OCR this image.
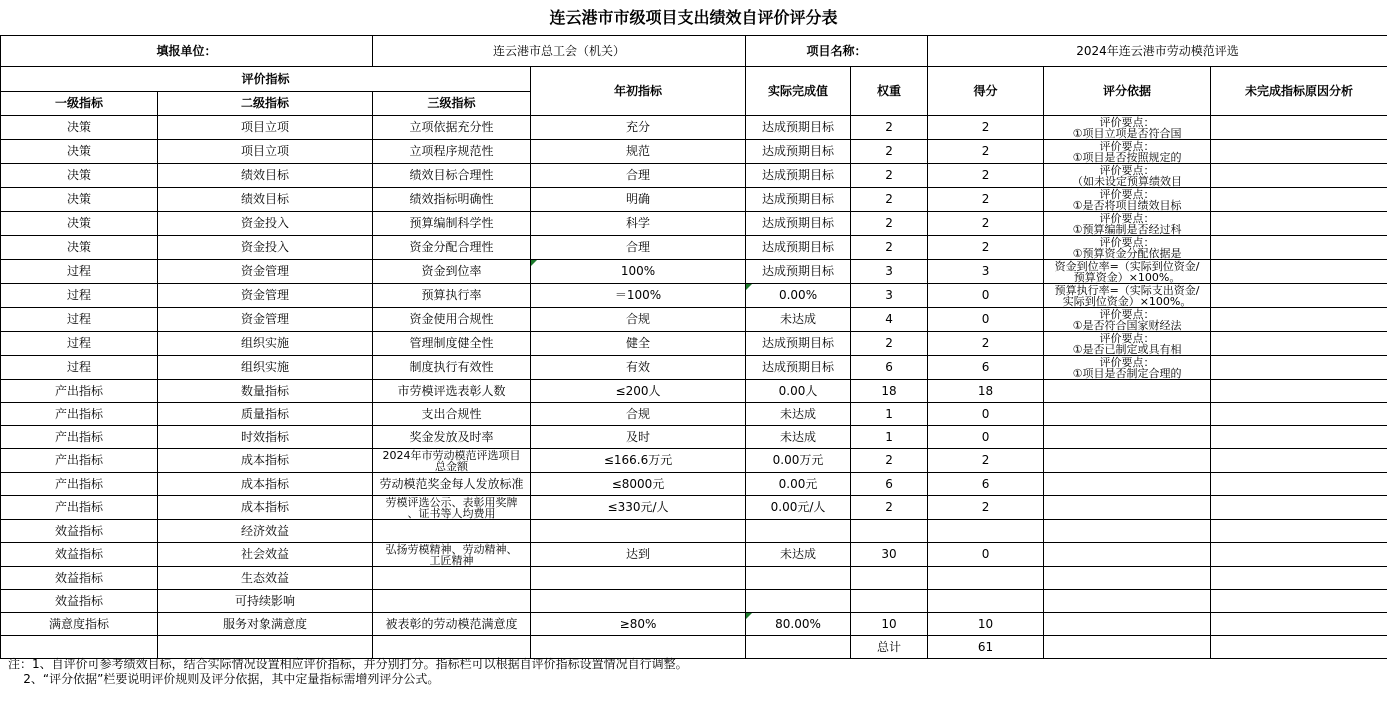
连云港市市级项目支出绩效自评价评分表
填报单位：		连云港市总工会（机关）		项目名称：		2024年连云港市劳动模范评选		
评价指标			年初指标	实际完成值	权重	得分	评分依据	未完成指标原因分析
一级指标	二级指标	三级指标						
决策	项目立项	立项依据充分性	充分	达成预期目标	2	2	评价要点：
①项目立项是否符合国	

决策	项目立项	立项程序规范性	规范	达成预期目标	2	2	评价要点：
①项目是否按照规定的	

决策	绩效目标	绩效目标合理性	合理	达成预期目标	2	2	评价要点：
（如未设定预算绩效目	

决策	绩效目标	绩效指标明确性	明确	达成预期目标	2	2	评价要点：
①是否将项目绩效目标	

决策	资金投入	预算编制科学性	科学	达成预期目标	2	2	评价要点：
①预算编制是否经过科	

决策	资金投入	资金分配合理性	合理	达成预期目标	2	2	评价要点：
①预算资金分配依据是	

过程	资金管理	资金到位率	100%	达成预期目标	3	3	资金到位率=（实际到位资金/
预算资金）×100%。	

过程	资金管理	预算执行率	＝100%	0.00%	3	0	预算执行率=（实际支出资金/
实际到位资金）×100%。	

过程	资金管理	资金使用合规性	合规	未达成	4	0	评价要点：
①是否符合国家财经法	

过程	组织实施	管理制度健全性	健全	达成预期目标	2	2	评价要点：
①是否已制定或具有相	

过程	组织实施	制度执行有效性	有效	达成预期目标	6	6	评价要点：
①项目是否制定合理的	

产出指标	数量指标	市劳模评选表彰人数	≤200人	0.00人	18	18		
产出指标	质量指标	支出合规性	合规	未达成	1	0		
产出指标	时效指标	奖金发放及时率	及时	未达成	1	0		
产出指标	成本指标	2024年市劳动模范评选项目
总金额	≤166.6万元	0.00万元	2	2		
产出指标	成本指标	劳动模范奖金每人发放标准	≤8000元	0.00元	6	6		
产出指标	成本指标	劳模评选公示、表彰用奖牌
、证书等人均费用	≤330元/人	0.00元/人	2	2		
效益指标	经济效益							
效益指标	社会效益	弘扬劳模精神、劳动精神、
工匠精神	达到	未达成	30	0		
效益指标	生态效益							
效益指标	可持续影响							
满意度指标	服务对象满意度	被表彰的劳动模范满意度	≥80%	80.00%	10	10		
					总计	61		
注：1、自评价可参考绩效目标，结合实际情况设置相应评价指标，并分别打分。指标栏可以根据自评价指标设置情况自行调整。
2、“评分依据”栏要说明评价规则及评分依据，其中定量指标需增列评分公式。
